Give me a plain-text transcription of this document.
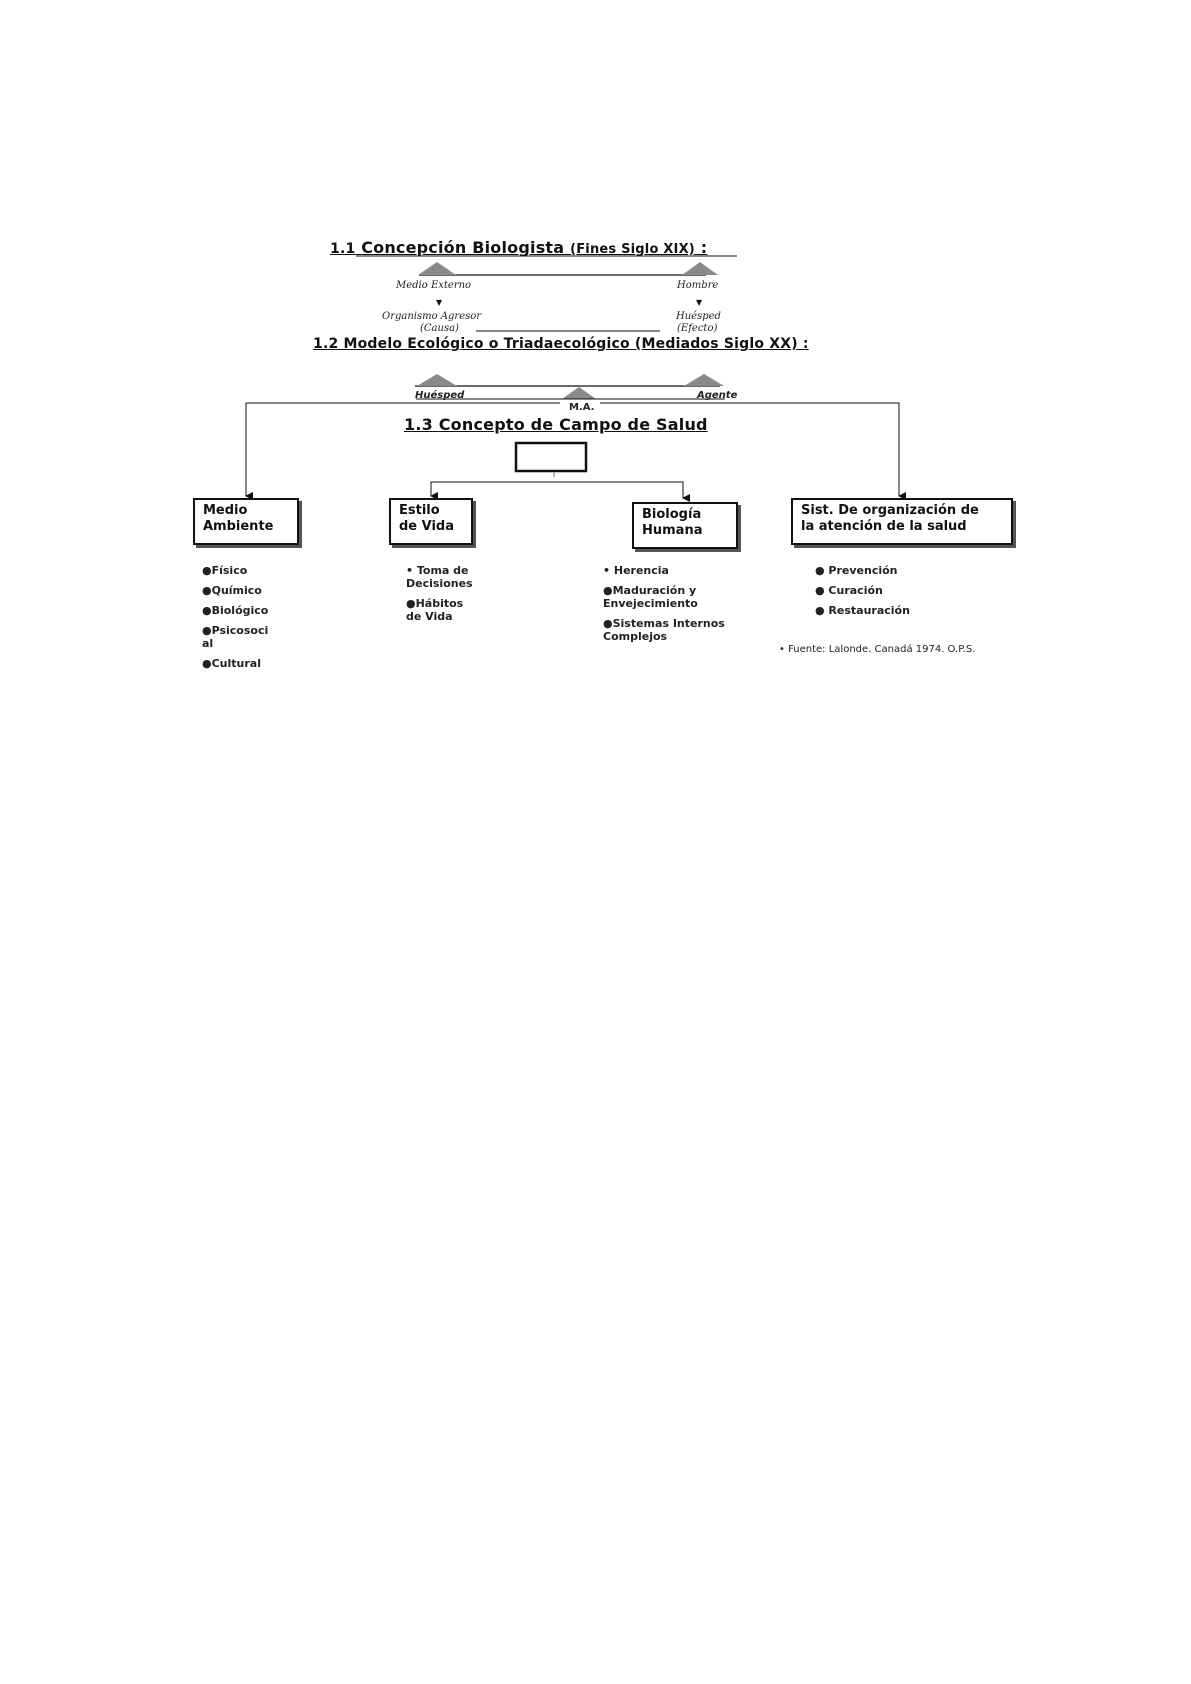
1.1 Concepción Biologista (Fines Siglo XIX) :
Medio Externo	Hombre
▼	▼
Organismo Agresor
(Causa)
Huésped
(Efecto)
1.2 Modelo Ecológico o Triadaecológico (Mediados Siglo XX) :
Huésped
M.A.
Agente
1.3 Concepto de Campo de Salud
I
Medio
Ambiente
Estilo
de Vida
Biología
Humana
Sist. De organización de
la atención de la salud
●Físico
●Químico
●Biológico
●Psicosoci
al
●Cultural
• Toma de
Decisiones
●Hábitos
de Vida
• Herencia
●Maduración y
Envejecimiento
●Sistemas Internos
Complejos
● Prevención
● Curación
● Restauración
• Fuente: Lalonde. Canadá 1974. O.P.S.
